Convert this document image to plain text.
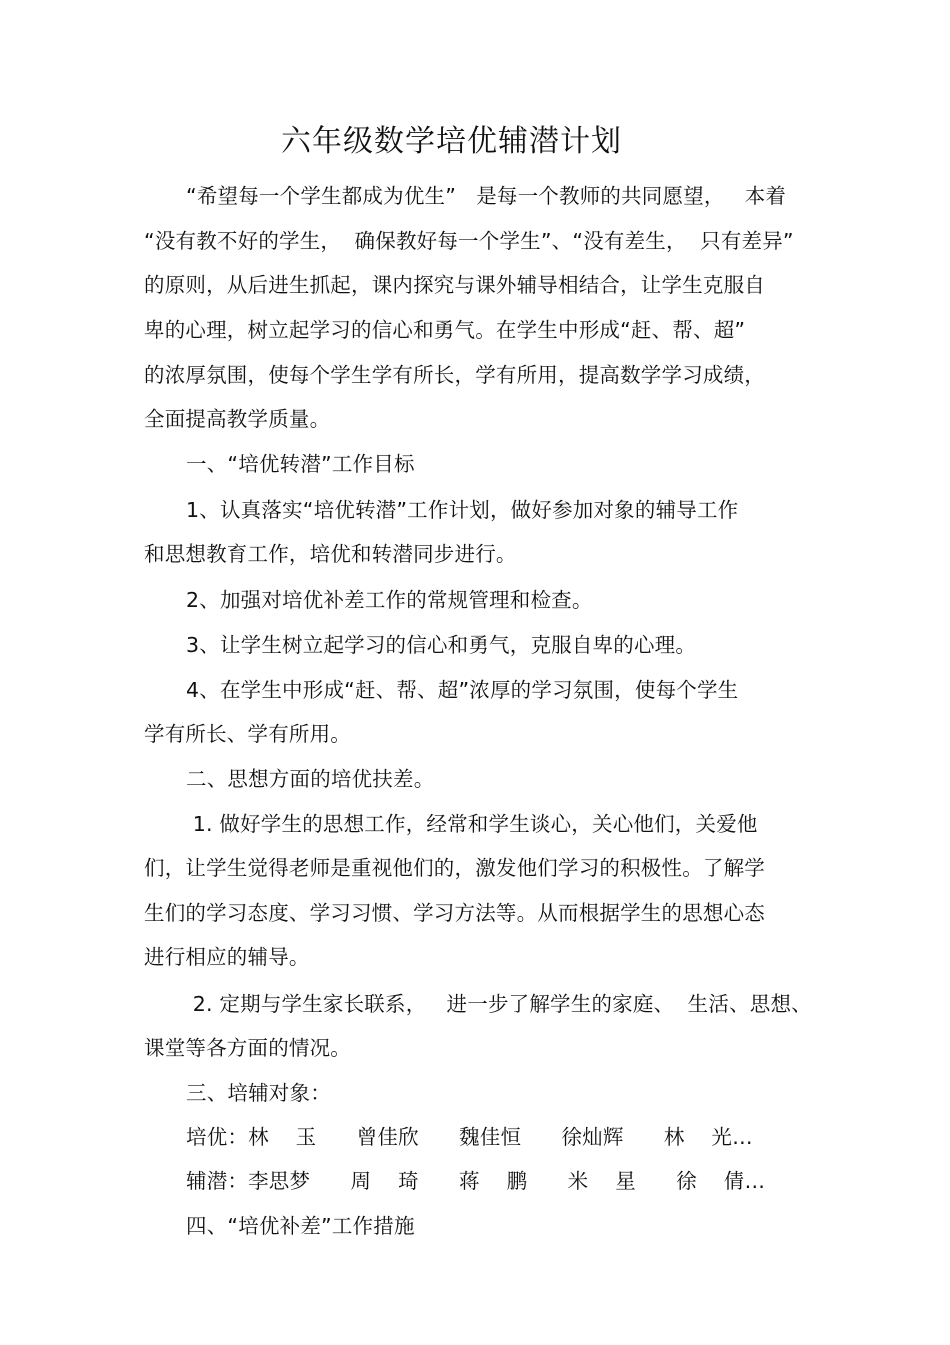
六年级数学培优辅潜计划
“希望每一个学生都成为优生”   是每一个教师的共同愿望，   本着
“没有教不好的学生，  确保教好每一个学生”、“没有差生，  只有差异”
的原则，从后进生抓起，课内探究与课外辅导相结合，让学生克服自
卑的心理，树立起学习的信心和勇气。在学生中形成“赶、帮、超”
的浓厚氛围，使每个学生学有所长，学有所用，提高数学学习成绩，
全面提高教学质量。
一、“培优转潜”工作目标
1、认真落实“培优转潜”工作计划，做好参加对象的辅导工作
和思想教育工作，培优和转潜同步进行。
2、加强对培优补差工作的常规管理和检查。
3、让学生树立起学习的信心和勇气，克服自卑的心理。
4、在学生中形成“赶、帮、超”浓厚的学习氛围，使每个学生
学有所长、学有所用。
二、思想方面的培优扶差。
1. 做好学生的思想工作，经常和学生谈心，关心他们，关爱他
们，让学生觉得老师是重视他们的，激发他们学习的积极性。了解学
生们的学习态度、学习习惯、学习方法等。从而根据学生的思想心态
进行相应的辅导。
2. 定期与学生家长联系，   进一步了解学生的家庭、  生活、思想、
课堂等各方面的情况。
三、培辅对象：
培优：林    玉      曾佳欣      魏佳恒      徐灿辉      林    光…
辅潜：李思梦      周    琦      蒋    鹏      米    星      徐    倩…
四、“培优补差”工作措施
